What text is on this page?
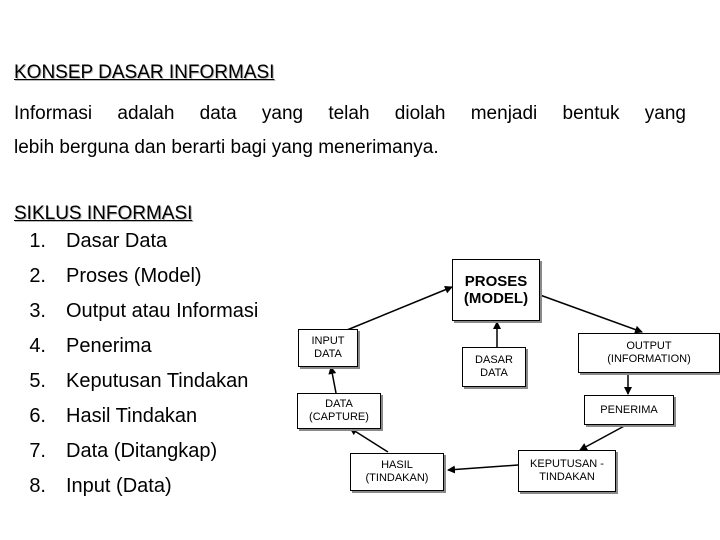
KONSEP DASAR INFORMASI
Informasi adalah data yang telah diolah menjadi bentuk yang
lebih berguna dan berarti bagi yang menerimanya.
SIKLUS INFORMASI
1. Dasar Data
2. Proses (Model)
3. Output atau Informasi
4. Penerima
5. Keputusan Tindakan
6. Hasil Tindakan
7. Data (Ditangkap)
8. Input (Data)
PROSES
(MODEL)
INPUT
DATA
DASAR
DATA
OUTPUT
(INFORMATION)
DATA
(CAPTURE)
PENERIMA
HASIL
(TINDAKAN)
KEPUTUSAN -
TINDAKAN
